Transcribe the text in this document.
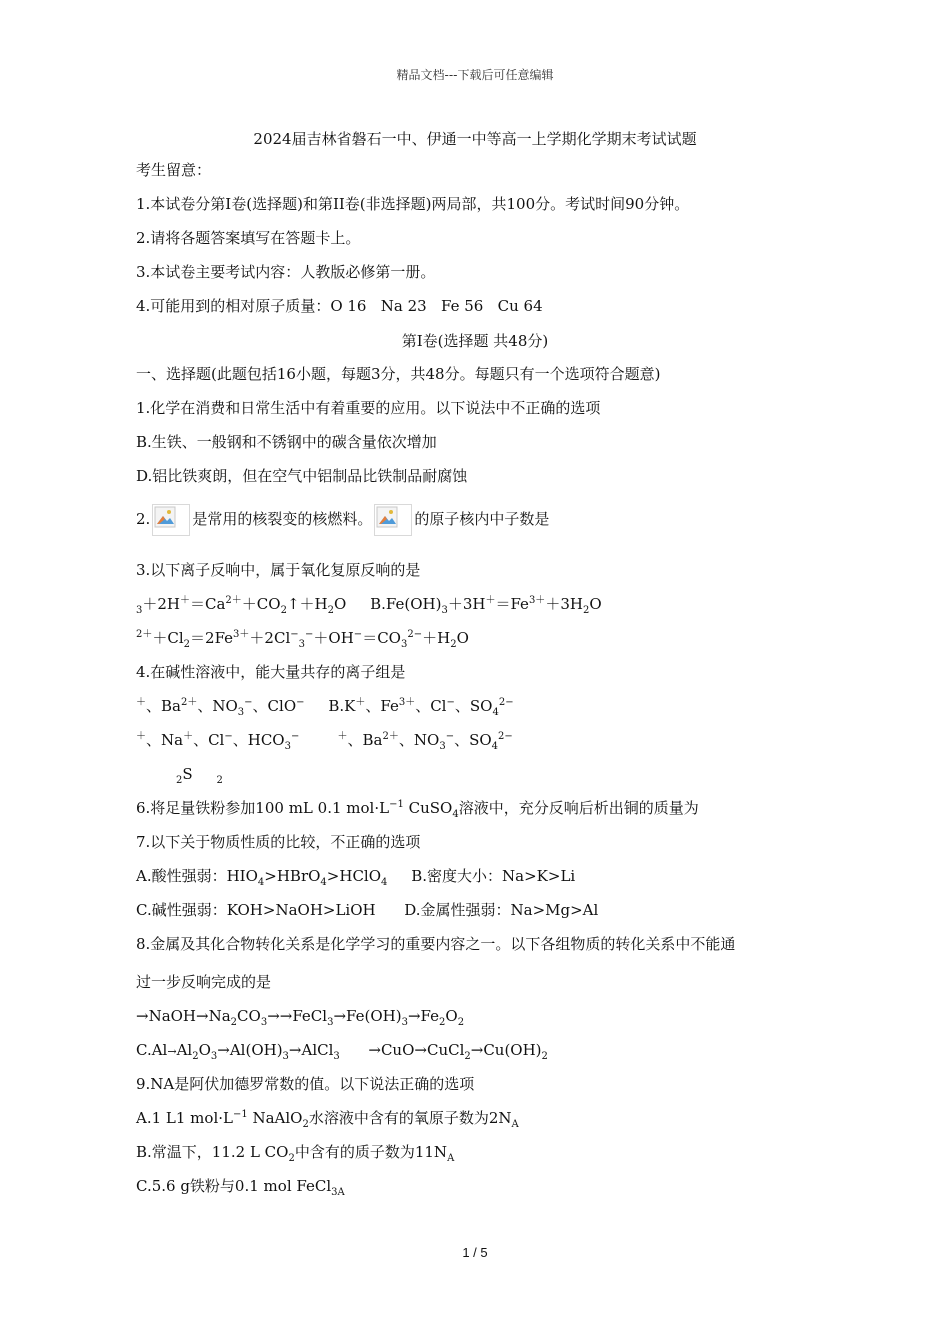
精品文档---下载后可任意编辑
2024届吉林省磐石一中、伊通一中等高一上学期化学期末考试试题
考生留意：
1.本试卷分第I卷(选择题)和第II卷(非选择题)两局部，共100分。考试时间90分钟。
2.请将各题答案填写在答题卡上。
3.本试卷主要考试内容：人教版必修第一册。
4.可能用到的相对原子质量：O 16   Na 23   Fe 56   Cu 64
第I卷(选择题 共48分)
一、选择题(此题包括16小题，每题3分，共48分。每题只有一个选项符合题意)
1.化学在消费和日常生活中有着重要的应用。以下说法中不正确的选项
B.生铁、一般钢和不锈钢中的碳含量依次增加
D.铝比铁爽朗，但在空气中铝制品比铁制品耐腐蚀
2.	是常用的核裂变的核燃料。	的原子核内中子数是
3.以下离子反响中，属于氧化复原反响的是
$_3+2H^+=Ca^{2+}+CO_2↑+H_2O$     $B.Fe(OH)_3+3H^+=Fe^{3+}+3H_2O$
$^{2+}+Cl_2=2Fe^{3+}+2Cl^-_3^-+OH^-=CO_3^{2-}+H_2O$
4.在碱性溶液中，能大量共存的离子组是
＋、$Ba^{2+}$、$NO_3^-$、ClO−     B.K＋、$Fe^{3+}$、Cl−、$SO_4^{2-}$
＋、Na＋、Cl−、$HCO_3^-$	＋、$Ba^{2+}$、$NO_3^-$、$SO_4^{2-}$
$_2$S     $_2$
6.将足量铁粉参加100 mL 0.1 $mol\cdot L^{-1}$ CuSO$_4$溶液中，充分反响后析出铜的质量为
7.以下关于物质性质的比较，不正确的选项
A.酸性强弱：$HIO_4>HBrO_4>HClO_4$     B.密度大小：Na>K>Li
C.碱性强弱：KOH>NaOH>LiOH D.金属性强弱：Na>Mg>Al
8.金属及其化合物转化关系是化学学习的重要内容之一。以下各组物质的转化关系中不能通
过一步反响完成的是
$\to NaOH\to Na_2CO_3\to\to FeCl_3\to Fe(OH)_3\to Fe_2O_2$
$C.Al\to Al_2O_3\to Al(OH)_3\to AlCl_3$      $\to CuO\to CuCl_2\to Cu(OH)_2$
9.NA是阿伏加德罗常数的值。以下说法正确的选项
A.1 L1 $mol\cdot L^{-1}$ NaAlO$_2$水溶液中含有的氧原子数为$2N_A$
B.常温下，11.2 L $CO_2$中含有的质子数为$11N_A$
C.5.6 g铁粉与0.1 mol FeCl$_{3A}$
1 / 5
